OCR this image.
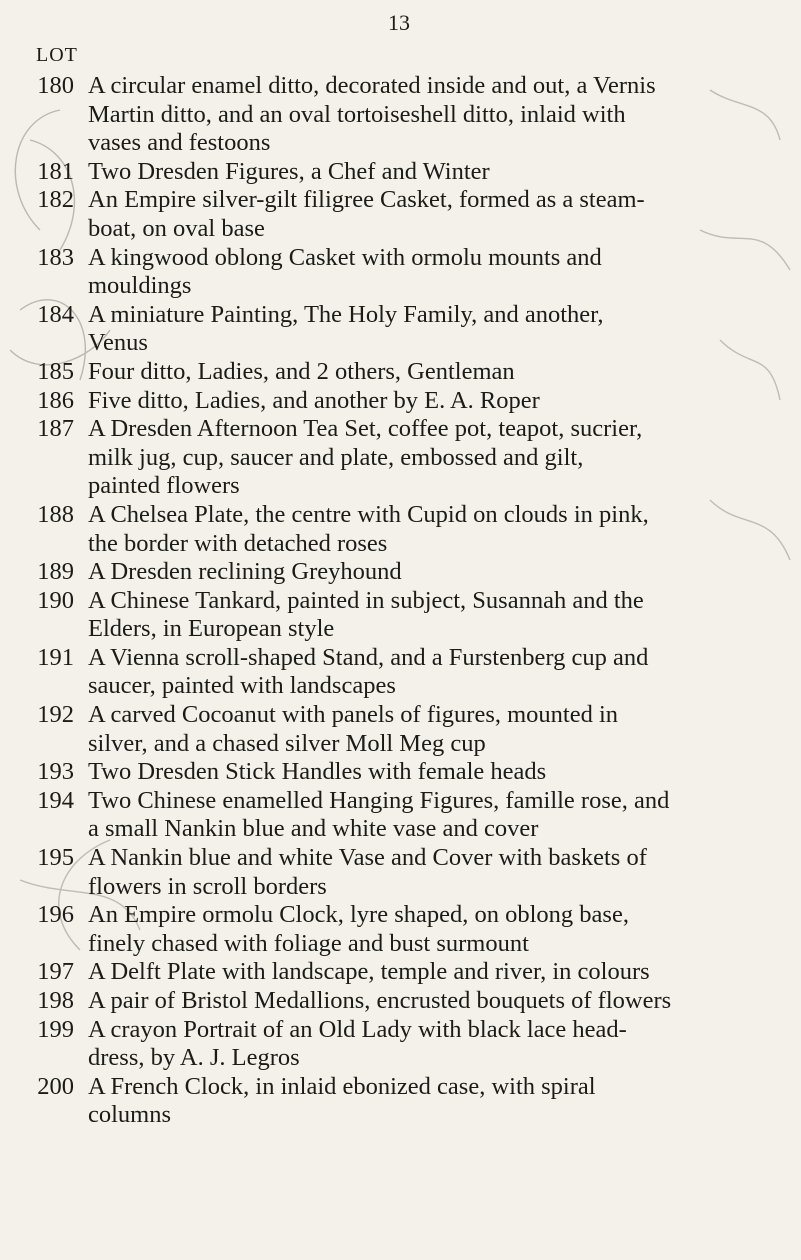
13
LOT
180 A circular enamel ditto, decorated inside and out, a Vernis
Martin ditto, and an oval tortoiseshell ditto, inlaid with
vases and festoons
181 Two Dresden Figures, a Chef and Winter
182 An Empire silver-gilt filigree Casket, formed as a steam-
boat, on oval base
183 A kingwood oblong Casket with ormolu mounts and
mouldings
184 A miniature Painting, The Holy Family, and another,
Venus
185 Four ditto, Ladies, and 2 others, Gentleman
186 Five ditto, Ladies, and another by E. A. Roper
187 A Dresden Afternoon Tea Set, coffee pot, teapot, sucrier,
milk jug, cup, saucer and plate, embossed and gilt,
painted flowers
188 A Chelsea Plate, the centre with Cupid on clouds in pink,
the border with detached roses
189 A Dresden reclining Greyhound
190 A Chinese Tankard, painted in subject, Susannah and the
Elders, in European style
191 A Vienna scroll-shaped Stand, and a Furstenberg cup and
saucer, painted with landscapes
192 A carved Cocoanut with panels of figures, mounted in
silver, and a chased silver Moll Meg cup
193 Two Dresden Stick Handles with female heads
194 Two Chinese enamelled Hanging Figures, famille rose, and
a small Nankin blue and white vase and cover
195 A Nankin blue and white Vase and Cover with baskets of
flowers in scroll borders
196 An Empire ormolu Clock, lyre shaped, on oblong base,
finely chased with foliage and bust surmount
197 A Delft Plate with landscape, temple and river, in colours
198 A pair of Bristol Medallions, encrusted bouquets of flowers
199 A crayon Portrait of an Old Lady with black lace head-
dress, by A. J. Legros
200 A French Clock, in inlaid ebonized case, with spiral
columns
